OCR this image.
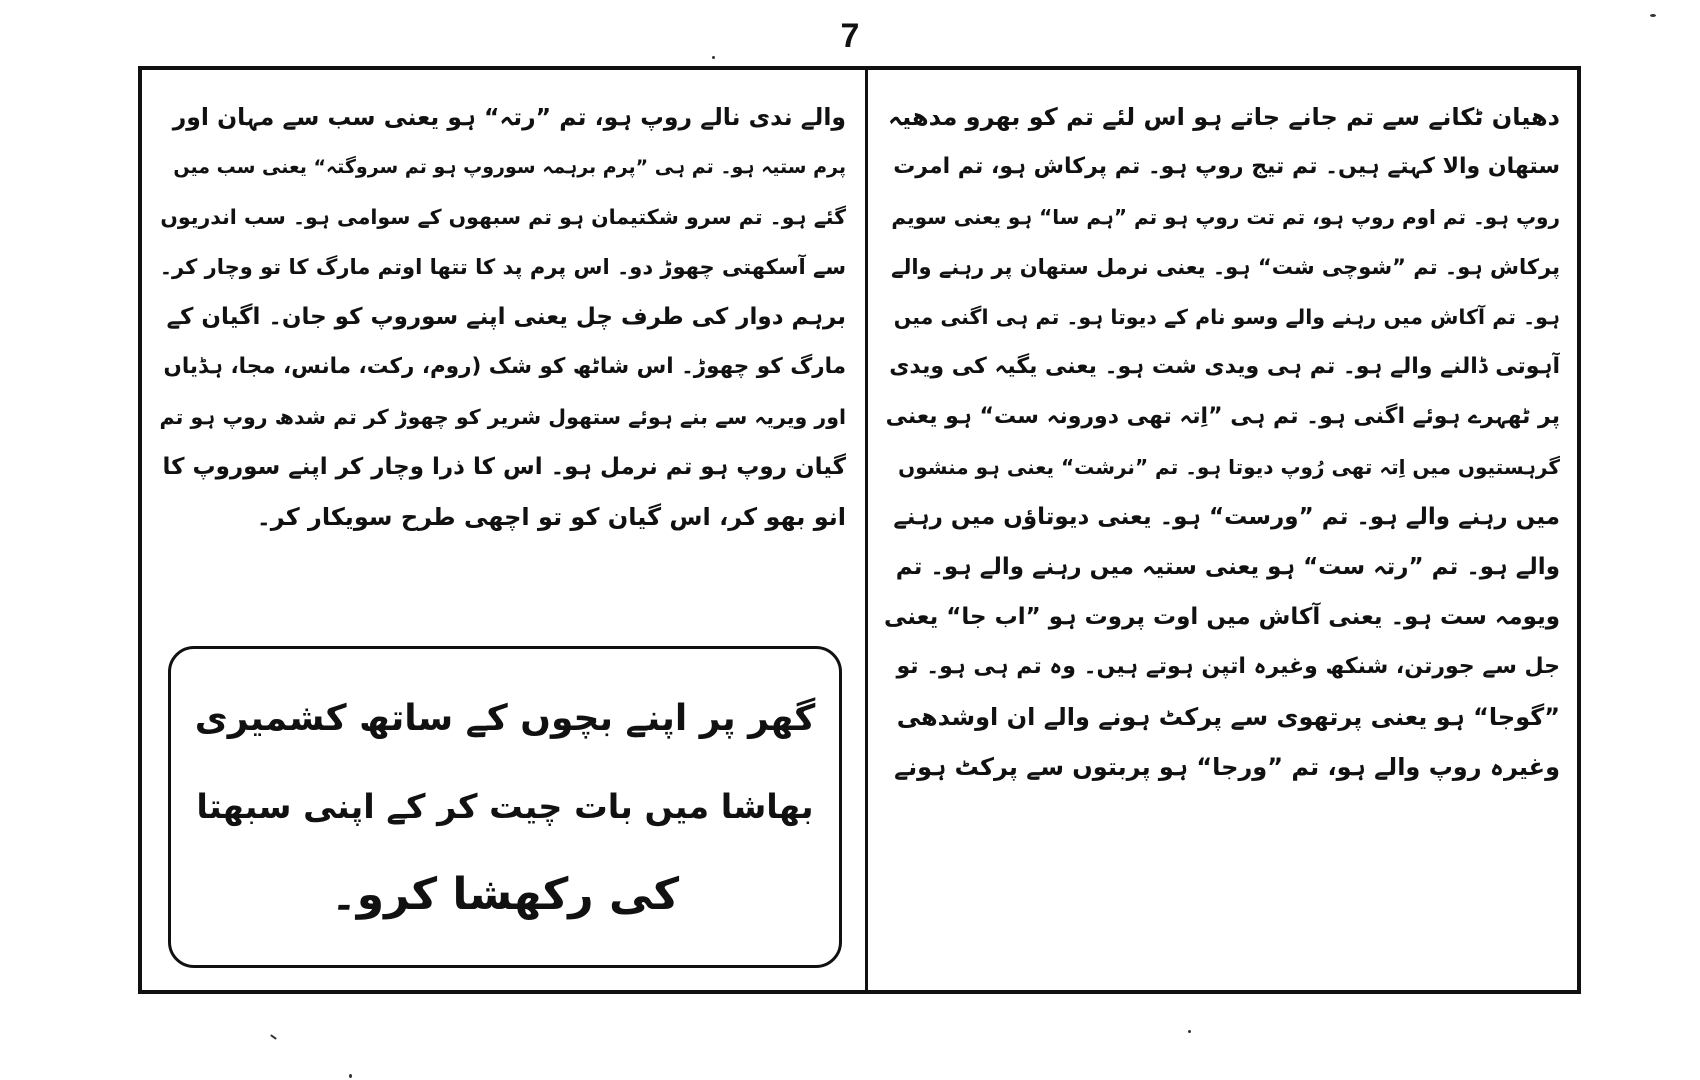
7
دھیان ٹکانے سے تم جانے جاتے ہو اس لئے تم کو بھرو مدھیہ
ستھان والا کہتے ہیں۔ تم تیج روپ ہو۔ تم پرکاش ہو، تم امرت
روپ ہو۔ تم اوم روپ ہو، تم تت روپ ہو تم ”ہم سا“ ہو یعنی سویم
پرکاش ہو۔ تم ”شوچی شت“ ہو۔ یعنی نرمل ستھان پر رہنے والے
ہو۔ تم آکاش میں رہنے والے وسو نام کے دیوتا ہو۔ تم ہی اگنی میں
آہوتی ڈالنے والے ہو۔ تم ہی ویدی شت ہو۔ یعنی یگیہ کی ویدی
پر ٹھہرے ہوئے اگنی ہو۔ تم ہی ”اِتہ تھی دورونہ ست“ ہو یعنی
گرہستیوں میں اِتہ تھی رُوپ دیوتا ہو۔ تم ”نرشت“ یعنی ہو منشوں
میں رہنے والے ہو۔ تم ”ورست“ ہو۔ یعنی دیوتاؤں میں رہنے
والے ہو۔ تم ”رتہ ست“ ہو یعنی ستیہ میں رہنے والے ہو۔ تم
ویومہ ست ہو۔ یعنی آکاش میں اوت پروت ہو ”اب جا“ یعنی
جل سے جورتن، شنکھ وغیرہ اتپن ہوتے ہیں۔ وہ تم ہی ہو۔ تو
”گوجا“ ہو یعنی پرتھوی سے پرکٹ ہونے والے ان اوشدھی
وغیرہ روپ والے ہو، تم ”ورجا“ ہو پربتوں سے پرکٹ ہونے
والے ندی نالے روپ ہو، تم ”رتہ“ ہو یعنی سب سے مہان اور
پرم ستیہ ہو۔ تم ہی ”پرم برہمہ سوروپ ہو تم سروگتہ“ یعنی سب میں
گئے ہو۔ تم سرو شکتیمان ہو تم سبھوں کے سوامی ہو۔ سب اندریوں
سے آسکھتی چھوڑ دو۔ اس پرم پد کا تتھا اوتم مارگ کا تو وچار کر۔
برہم دوار کی طرف چل یعنی اپنے سوروپ کو جان۔ اگیان کے
مارگ کو چھوڑ۔ اس شاٹھ کو شک (روم، رکت، مانس، مجا، ہڈیاں
اور ویریہ سے بنے ہوئے ستھول شریر کو چھوڑ کر تم شدھ روپ ہو تم
گیان روپ ہو تم نرمل ہو۔ اس کا ذرا وچار کر اپنے سوروپ کا
انو بھو کر، اس گیان کو تو اچھی طرح سویکار کر۔
گھر پر اپنے بچوں کے ساتھ کشمیری
بھاشا میں بات چیت کر کے اپنی سبھتا
کی رکھشا کرو۔
